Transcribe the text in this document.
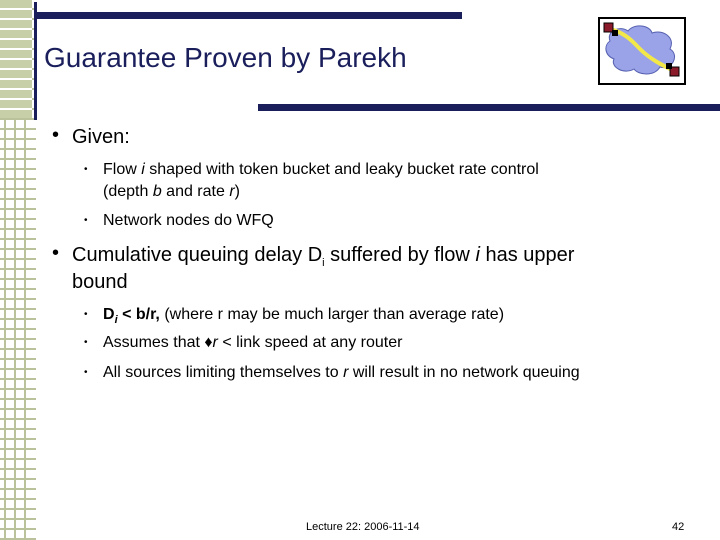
Guarantee Proven by Parekh
• Given:
• Flow i shaped with token bucket and leaky bucket rate control
(depth b and rate r)
• Network nodes do WFQ
• Cumulative queuing delay $D_i$ suffered by flow i has upper
bound
• $D_i < b/r$, (where r may be much larger than average rate)
• Assumes that ♦r < link speed at any router
• All sources limiting themselves to r will result in no network queuing
Lecture 22: 2006-11-14	42
